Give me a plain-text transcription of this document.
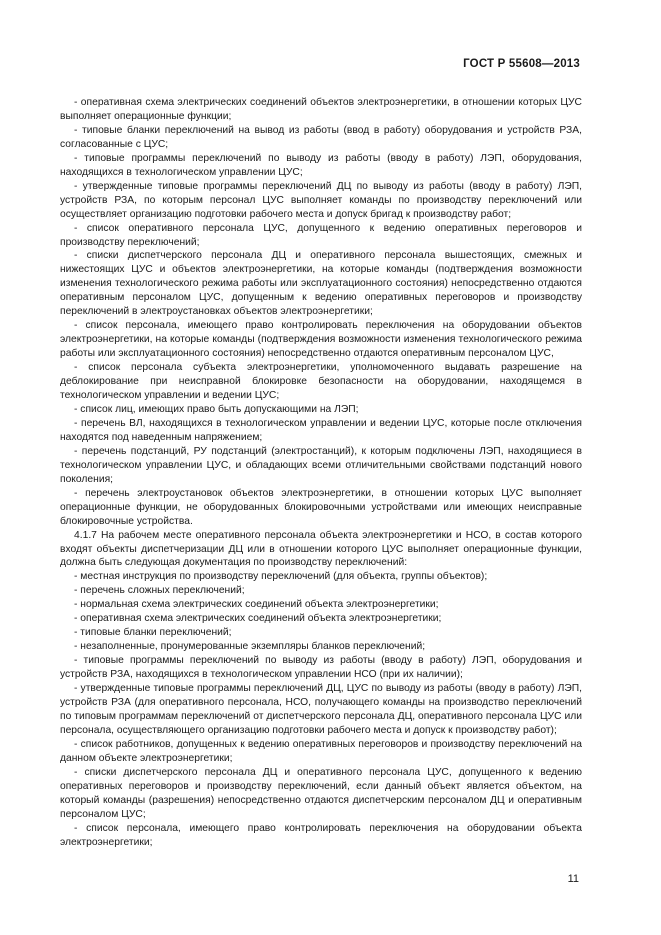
ГОСТ Р 55608—2013

- оперативная схема электрических соединений объектов электроэнергетики, в отношении которых ЦУС выполняет операционные функции;

- типовые бланки переключений на вывод из работы (ввод в работу) оборудования и устройств РЗА, согласованные с ЦУС;

- типовые программы переключений по выводу из работы (вводу в работу) ЛЭП, оборудования, находящихся в технологическом управлении ЦУС;

- утвержденные типовые программы переключений ДЦ по выводу из работы (вводу в работу) ЛЭП, устройств РЗА, по которым персонал ЦУС выполняет команды по производству переключений или осуществляет организацию подготовки рабочего места и допуск бригад к производству работ;

- список оперативного персонала ЦУС, допущенного к ведению оперативных переговоров и производству переключений;

- списки диспетчерского персонала ДЦ и оперативного персонала вышестоящих, смежных и нижестоящих ЦУС и объектов электроэнергетики, на которые команды (подтверждения возможности изменения технологического режима работы или эксплуатационного состояния) непосредственно отдаются оперативным персоналом ЦУС, допущенным к ведению оперативных переговоров и производству переключений в электроустановках объектов электроэнергетики;

- список персонала, имеющего право контролировать переключения на оборудовании объектов электроэнергетики, на которые команды (подтверждения возможности изменения технологического режима работы или эксплуатационного состояния) непосредственно отдаются оперативным персоналом ЦУС,

- список персонала субъекта электроэнергетики, уполномоченного выдавать разрешение на деблокирование при неисправной блокировке безопасности на оборудовании, находящемся в технологическом управлении и ведении ЦУС;

- список лиц, имеющих право быть допускающими на ЛЭП;

- перечень ВЛ, находящихся в технологическом управлении и ведении ЦУС, которые после отключения находятся под наведенным напряжением;

- перечень подстанций, РУ подстанций (электростанций), к которым подключены ЛЭП, находящиеся в технологическом управлении ЦУС, и обладающих всеми отличительными свойствами подстанций нового поколения;

- перечень электроустановок объектов электроэнергетики, в отношении которых ЦУС выполняет операционные функции, не оборудованных блокировочными устройствами или имеющих неисправные блокировочные устройства.

4.1.7 На рабочем месте оперативного персонала объекта электроэнергетики и НСО, в состав которого входят объекты диспетчеризации ДЦ или в отношении которого ЦУС выполняет операционные функции, должна быть следующая документация по производству переключений:

- местная инструкция по производству переключений (для объекта, группы объектов);

- перечень сложных переключений;

- нормальная схема электрических соединений объекта электроэнергетики;

- оперативная схема электрических соединений объекта электроэнергетики;

- типовые бланки переключений;

- незаполненные, пронумерованные экземпляры бланков переключений;

- типовые программы переключений по выводу из работы (вводу в работу) ЛЭП, оборудования и устройств РЗА, находящихся в технологическом управлении НСО (при их наличии);

- утвержденные типовые программы переключений ДЦ, ЦУС по выводу из работы (вводу в работу) ЛЭП, устройств РЗА (для оперативного персонала, НСО, получающего команды на производство переключений по типовым программам переключений от диспетчерского персонала ДЦ, оперативного персонала ЦУС или персонала, осуществляющего организацию подготовки рабочего места и допуск к производству работ);

- список работников, допущенных к ведению оперативных переговоров и производству переключений на данном объекте электроэнергетики;

- списки диспетчерского персонала ДЦ и оперативного персонала ЦУС, допущенного к ведению оперативных переговоров и производству переключений, если данный объект является объектом, на который команды (разрешения) непосредственно отдаются диспетчерским персоналом ДЦ и оперативным персоналом ЦУС;

- список персонала, имеющего право контролировать переключения на оборудовании объекта электроэнергетики;

11
